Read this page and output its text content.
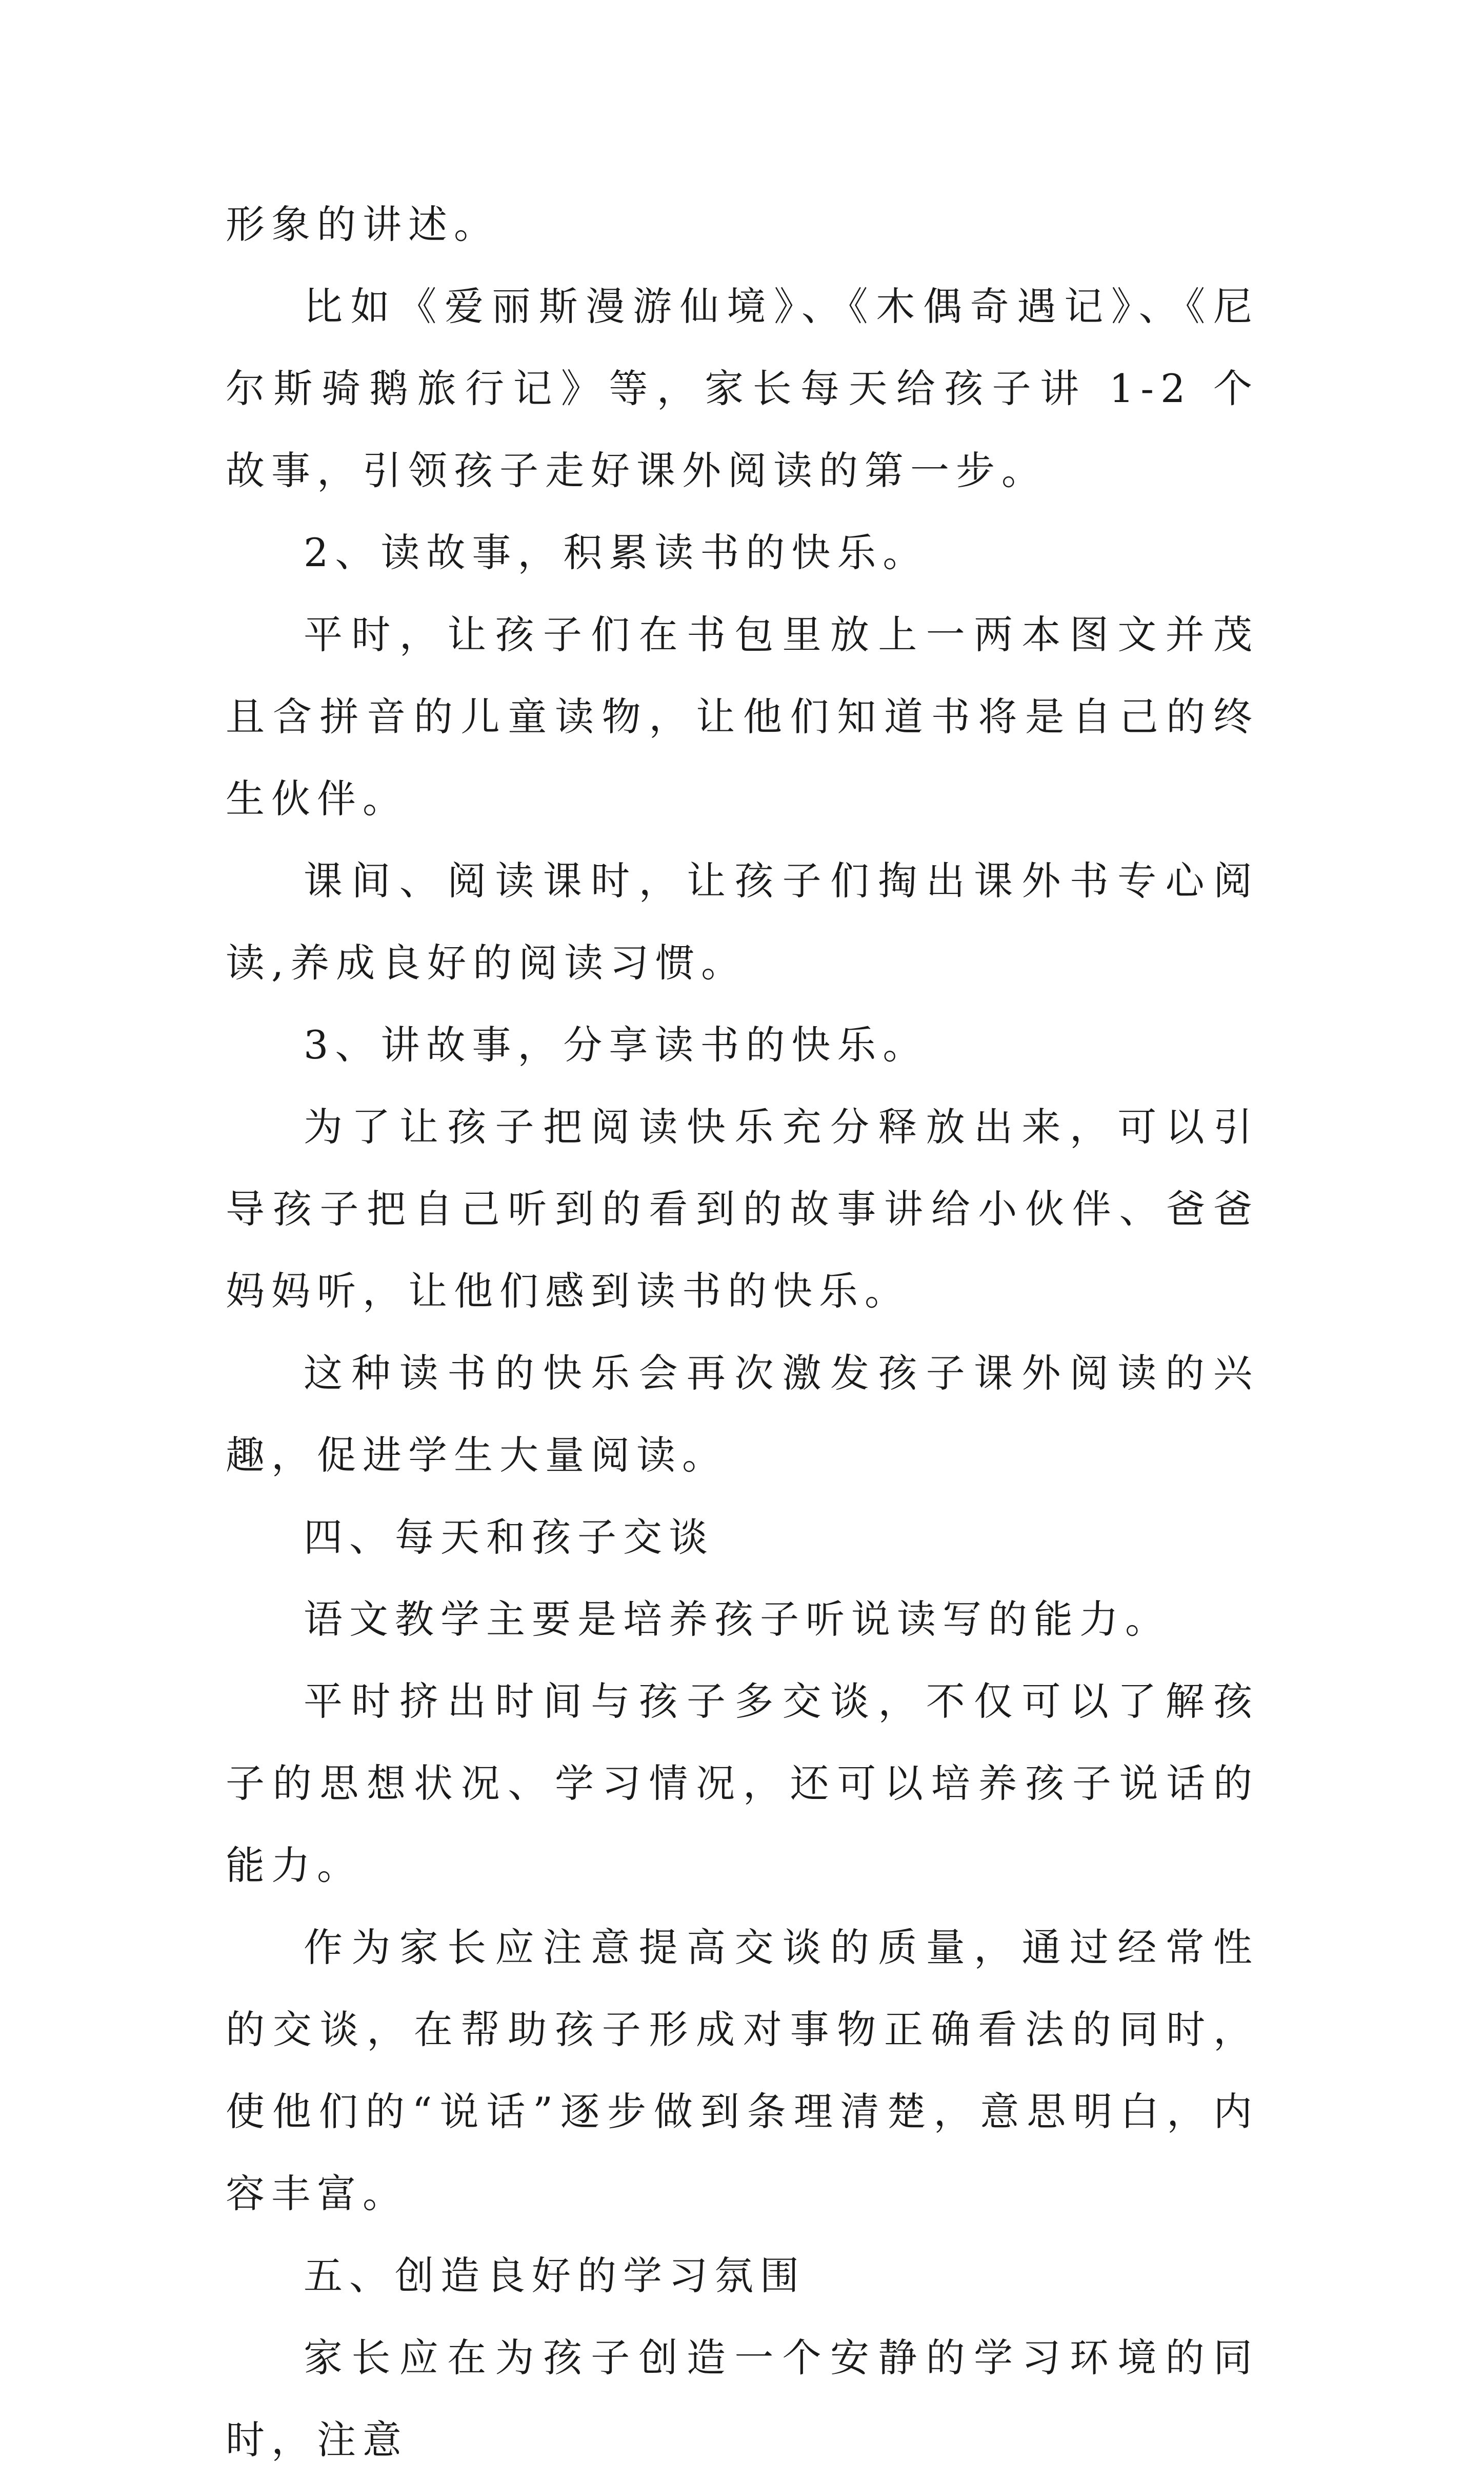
形象的讲述。

比如《爱丽斯漫游仙境》、《木偶奇遇记》、《尼尔斯骑鹅旅行记》等，家长每天给孩子讲 1-2 个故事，引领孩子走好课外阅读的第一步。

2、读故事，积累读书的快乐。

平时，让孩子们在书包里放上一两本图文并茂且含拼音的儿童读物，让他们知道书将是自己的终生伙伴。

课间、阅读课时，让孩子们掏出课外书专心阅读,养成良好的阅读习惯。

3、讲故事，分享读书的快乐。

为了让孩子把阅读快乐充分释放出来，可以引导孩子把自己听到的看到的故事讲给小伙伴、爸爸妈妈听，让他们感到读书的快乐。

这种读书的快乐会再次激发孩子课外阅读的兴趣，促进学生大量阅读。

四、每天和孩子交谈

语文教学主要是培养孩子听说读写的能力。

平时挤出时间与孩子多交谈，不仅可以了解孩子的思想状况、学习情况，还可以培养孩子说话的能力。

作为家长应注意提高交谈的质量，通过经常性的交谈，在帮助孩子形成对事物正确看法的同时，使他们的“说话”逐步做到条理清楚，意思明白，内容丰富。

五、创造良好的学习氛围

家长应在为孩子创造一个安静的学习环境的同时，注意
